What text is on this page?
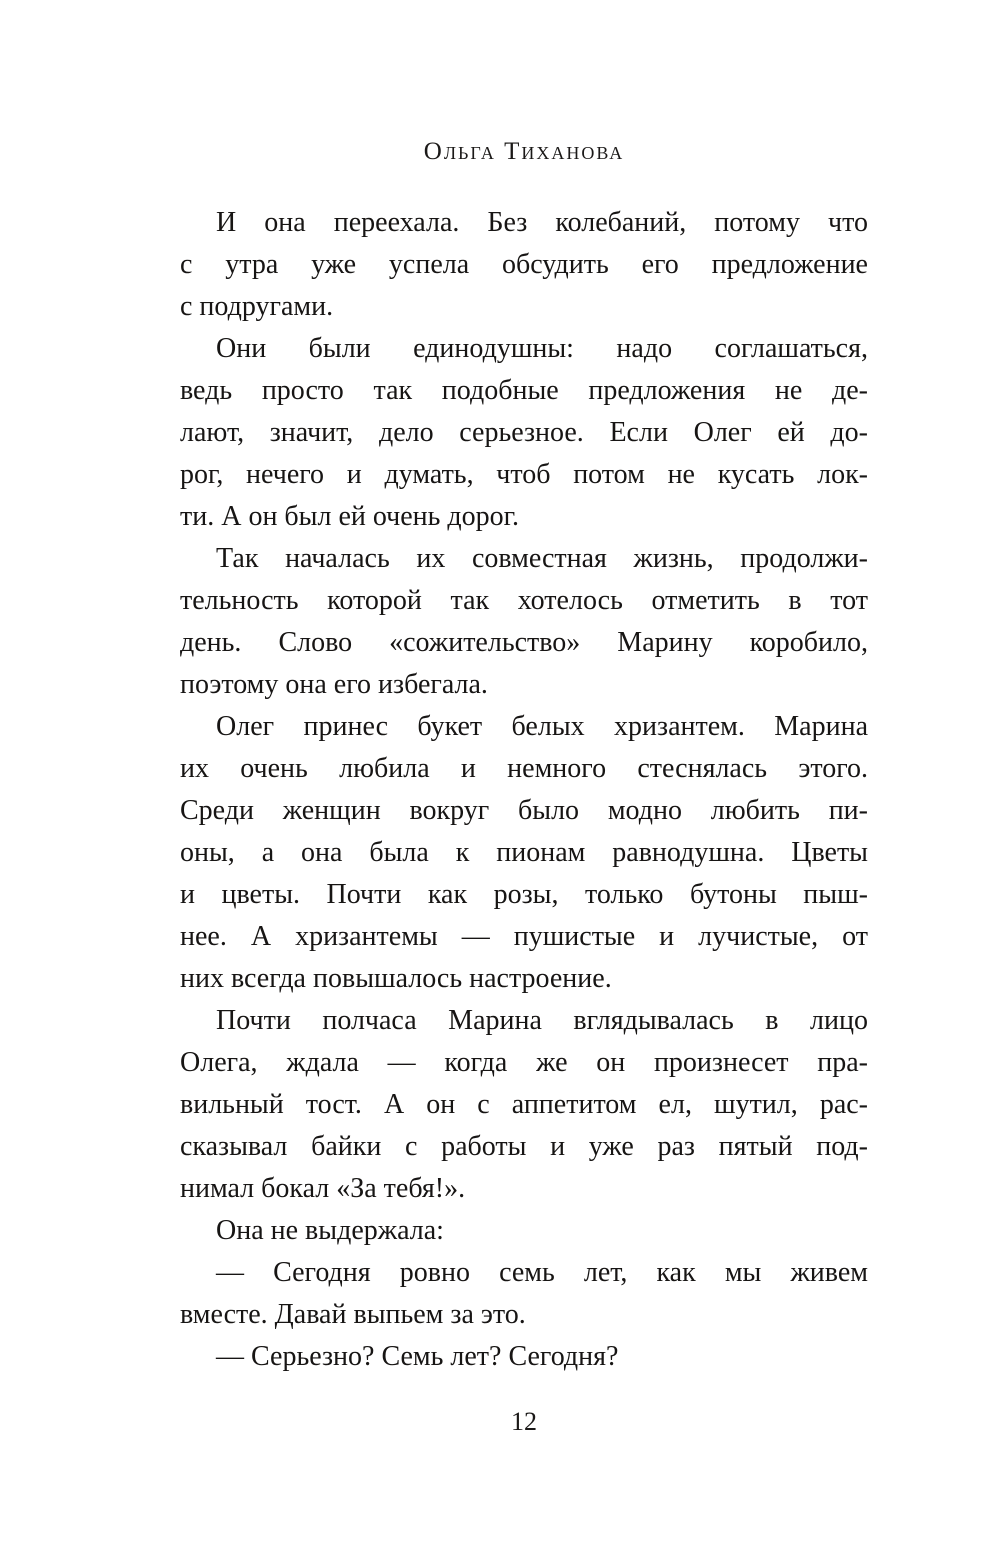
Ольга Тиханова
И она переехала. Без колебаний, потому что
с утра уже успела обсудить его предложение
с подругами.
Они были единодушны: надо соглашаться,
ведь просто так подобные предложения не де-
лают, значит, дело серьезное. Если Олег ей до-
рог, нечего и думать, чтоб потом не кусать лок-
ти. А он был ей очень дорог.
Так началась их совместная жизнь, продолжи-
тельность которой так хотелось отметить в тот
день. Слово «сожительство» Марину коробило,
поэтому она его избегала.
Олег принес букет белых хризантем. Марина
их очень любила и немного стеснялась этого.
Среди женщин вокруг было модно любить пи-
оны, а она была к пионам равнодушна. Цветы
и цветы. Почти как розы, только бутоны пыш-
нее. А хризантемы — пушистые и лучистые, от
них всегда повышалось настроение.
Почти полчаса Марина вглядывалась в лицо
Олега, ждала — когда же он произнесет пра-
вильный тост. А он с аппетитом ел, шутил, рас-
сказывал байки с работы и уже раз пятый под-
нимал бокал «За тебя!».
Она не выдержала:
— Сегодня ровно семь лет, как мы живем
вместе. Давай выпьем за это.
— Серьезно? Семь лет? Сегодня?
12
